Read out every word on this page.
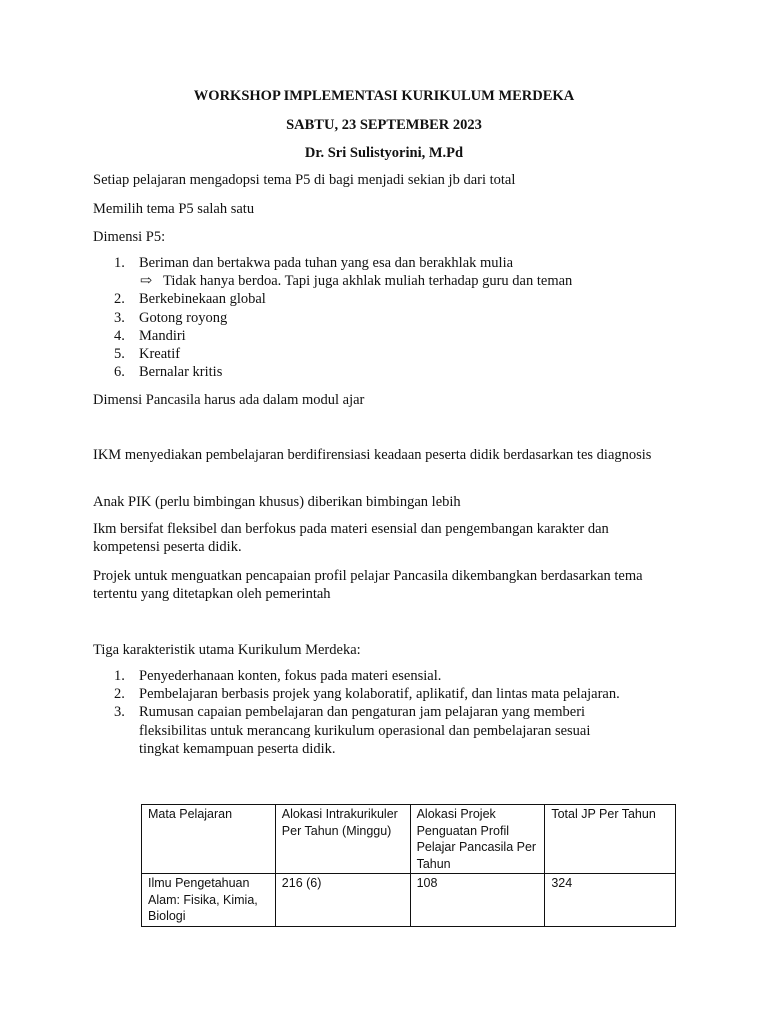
WORKSHOP IMPLEMENTASI KURIKULUM MERDEKA
SABTU, 23 SEPTEMBER 2023
Dr. Sri Sulistyorini, M.Pd
Setiap pelajaran mengadopsi tema P5 di bagi menjadi sekian jb dari total
Memilih tema P5 salah satu
Dimensi P5:
1. Beriman dan bertakwa pada tuhan yang esa dan berakhlak mulia
⇨ Tidak hanya berdoa. Tapi juga akhlak muliah terhadap guru dan teman
2. Berkebinekaan global
3. Gotong royong
4. Mandiri
5. Kreatif
6. Bernalar kritis
Dimensi Pancasila harus ada dalam modul ajar
IKM menyediakan pembelajaran berdifirensiasi keadaan peserta didik berdasarkan tes diagnosis
Anak PIK (perlu bimbingan khusus) diberikan bimbingan lebih
Ikm bersifat fleksibel dan berfokus pada materi esensial dan pengembangan karakter dan kompetensi peserta didik.
Projek untuk menguatkan pencapaian profil pelajar Pancasila dikembangkan berdasarkan tema tertentu yang ditetapkan oleh pemerintah
Tiga karakteristik utama Kurikulum Merdeka:
1. Penyederhanaan konten, fokus pada materi esensial.
2. Pembelajaran berbasis projek yang kolaboratif, aplikatif, dan lintas mata pelajaran.
3. Rumusan capaian pembelajaran dan pengaturan jam pelajaran yang memberi fleksibilitas untuk merancang kurikulum operasional dan pembelajaran sesuai tingkat kemampuan peserta didik.
Mata Pelajaran	Alokasi Intrakurikuler Per Tahun (Minggu)	Alokasi Projek Penguatan Profil Pelajar Pancasila Per Tahun	Total JP Per Tahun
Ilmu Pengetahuan Alam: Fisika, Kimia, Biologi	216 (6)	108	324
